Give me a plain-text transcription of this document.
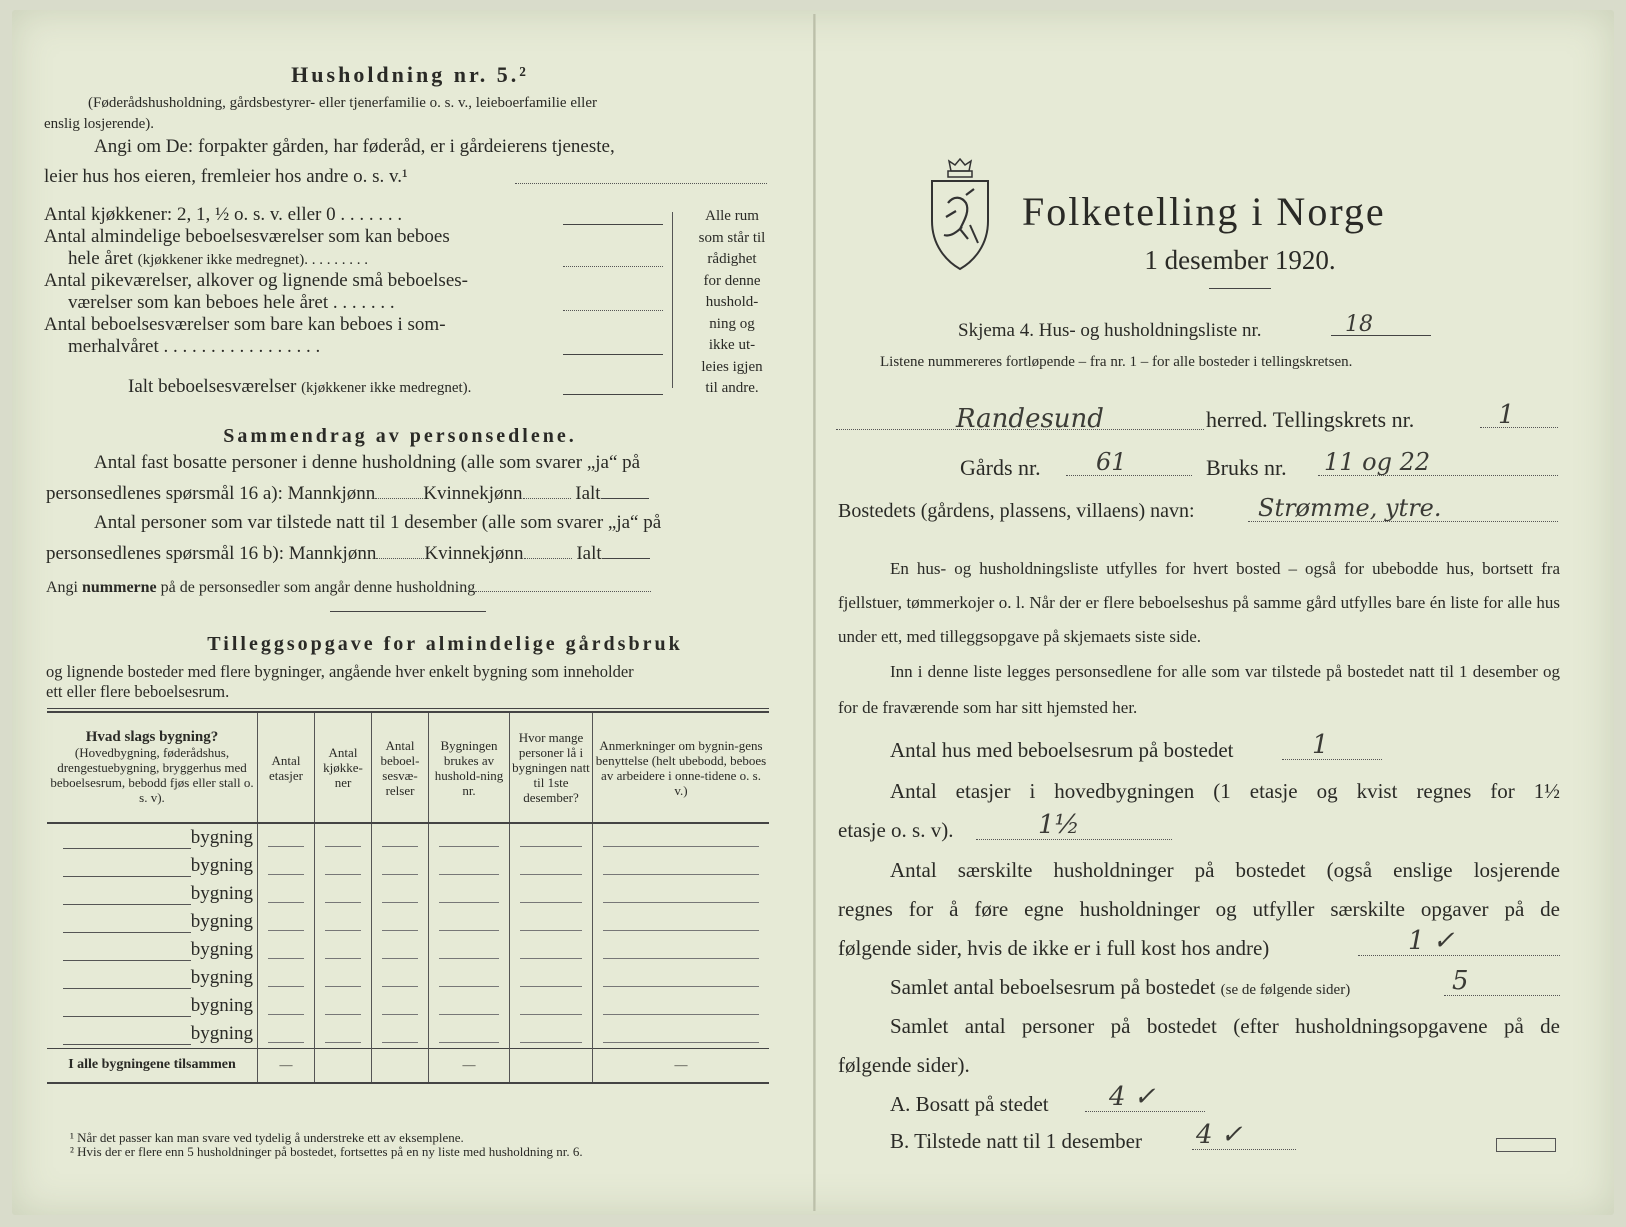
Husholdning nr. 5.²
(Føderådshusholdning, gårdsbestyrer- eller tjenerfamilie o. s. v., leieboerfamilie eller
enslig losjerende).
Angi om De: forpakter gården, har føderåd, er i gårdeierens tjeneste,
leier hus hos eieren, fremleier hos andre o. s. v.¹
Antal kjøkkener: 2, 1, ½ o. s. v. eller 0 . . . . . . .
Antal almindelige beboelsesværelser som kan beboes
hele året (kjøkkener ikke medregnet). . . . . . . . .
Antal pikeværelser, alkover og lignende små beboelses-
værelser som kan beboes hele året . . . . . . .
Antal beboelsesværelser som bare kan beboes i som-
merhalvåret . . . . . . . . . . . . . . . . .
Ialt beboelsesværelser (kjøkkener ikke medregnet).
Alle rum
som står til
rådighet
for denne
hushold-
ning og
ikke ut-
leies igjen
til andre.
Sammendrag av personsedlene.
Antal fast bosatte personer i denne husholdning (alle som svarer „ja“ på
personsedlenes spørsmål 16 a): Mannkjønn	Kvinnekjønn	Ialt
Antal personer som var tilstede natt til 1 desember (alle som svarer „ja“ på
personsedlenes spørsmål 16 b): Mannkjønn	Kvinnekjønn	Ialt
Angi nummerne på de personsedler som angår denne husholdning
Tilleggsopgave for almindelige gårdsbruk
og lignende bosteder med flere bygninger, angående hver enkelt bygning som inneholder
ett eller flere beboelsesrum.
Hvad slags bygning?
(Hovedbygning, føderådshus, drengestuebygning, bryggerhus med beboelsesrum, bebodd fjøs eller stall o. s. v).	Antal etasjer	Antal kjøkke-ner	Antal beboel-sesvæ-relser	Bygningen brukes av hushold-ning nr.	Hvor mange personer lå i bygningen natt til 1ste desember?	Anmerkninger om bygnin-gens benyttelse (helt ubebodd, beboes av arbeidere i onne-tidene o. s. v.)
bygning	

bygning	

bygning	

bygning	

bygning	

bygning	

bygning	

bygning	

I alle bygningene tilsammen	—			—		—
¹ Når det passer kan man svare ved tydelig å understreke ett av eksemplene.
² Hvis der er flere enn 5 husholdninger på bostedet, fortsettes på en ny liste med husholdning nr. 6.
Folketelling i Norge
1 desember 1920.
Skjema 4. Hus- og husholdningsliste nr.	18
Listene nummereres fortløpende – fra nr. 1 – for alle bosteder i tellingskretsen.
Randesund	herred. Tellingskrets nr.	1
Gårds nr.	61	Bruks nr. 11 og 22
Bostedets (gårdens, plassens, villaens) navn:	Strømme, ytre.
En hus- og husholdningsliste utfylles for hvert bosted – også for ubebodde hus, bortsett fra fjellstuer, tømmerkojer o. l. Når der er flere beboelseshus på samme gård utfylles bare én liste for alle hus under ett, med tilleggsopgave på skjemaets siste side.
Inn i denne liste legges personsedlene for alle som var tilstede på bostedet natt til 1 desember og for de fraværende som har sitt hjemsted her.
Antal hus med beboelsesrum på bostedet	1
Antal etasjer i hovedbygningen (1 etasje og kvist regnes for 1½
etasje o. s. v).	1½
Antal særskilte husholdninger på bostedet (også enslige losjerende
regnes for å føre egne husholdninger og utfyller særskilte opgaver på de
følgende sider, hvis de ikke er i full kost hos andre)	1 ✓
Samlet antal beboelsesrum på bostedet (se de følgende sider)	5
Samlet antal personer på bostedet (efter husholdningsopgavene på de
følgende sider).
A. Bosatt på stedet	4 ✓
B. Tilstede natt til 1 desember 4 ✓
